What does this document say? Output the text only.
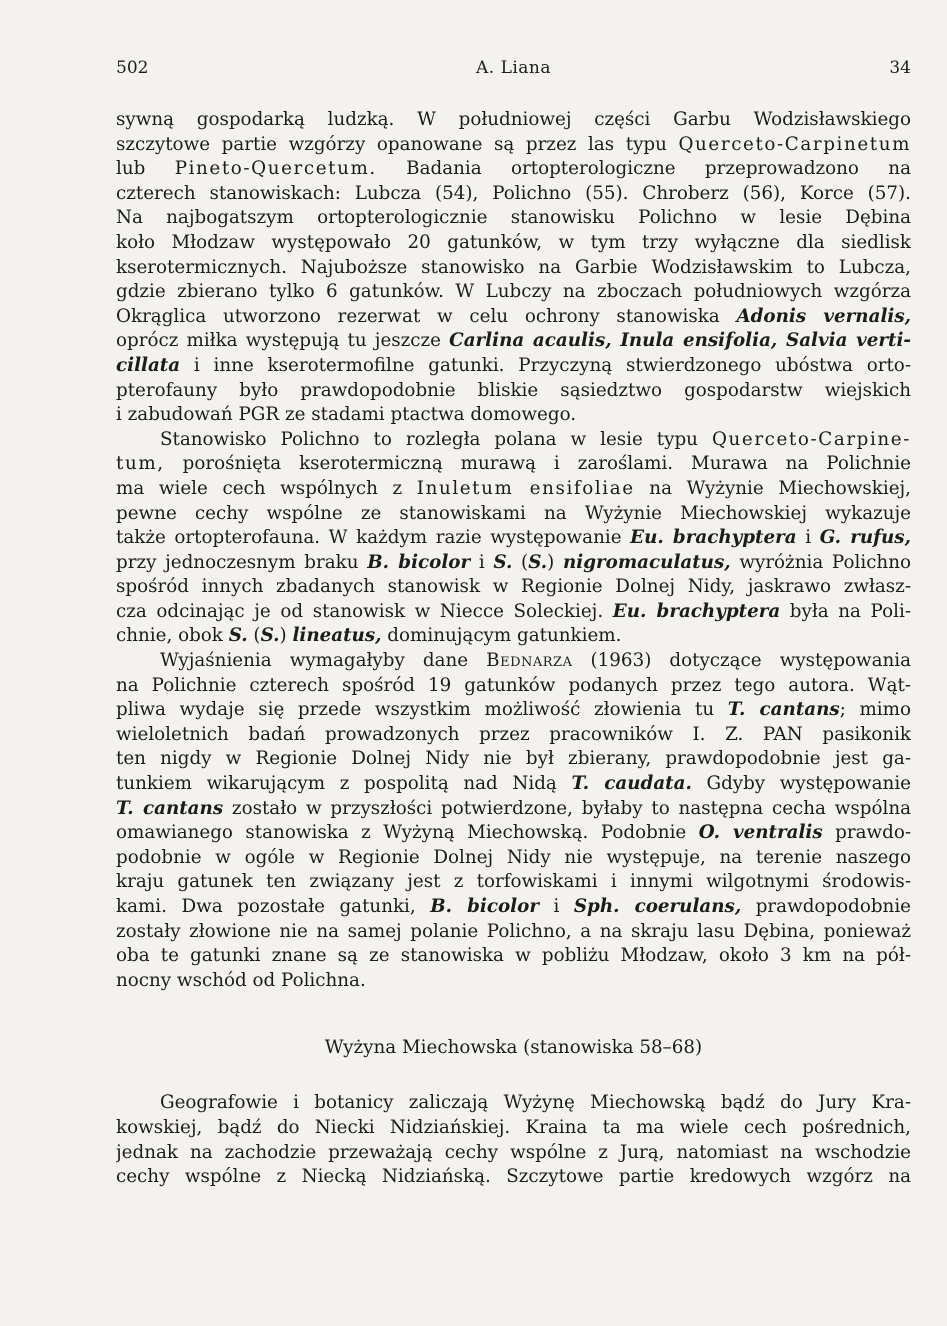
502	A. Liana	34
sywną gospodarką ludzką. W południowej części Garbu Wodzisławskiego
szczytowe partie wzgórzy opanowane są przez las typu Querceto-Carpinetum
lub Pineto-Quercetum. Badania ortopterologiczne przeprowadzono na
czterech stanowiskach: Lubcza (54), Polichno (55). Chroberz (56), Korce (57).
Na najbogatszym ortopterologicznie stanowisku Polichno w lesie Dębina
koło Młodzaw występowało 20 gatunków, w tym trzy wyłączne dla siedlisk
kserotermicznych. Najuboższe stanowisko na Garbie Wodzisławskim to Lubcza,
gdzie zbierano tylko 6 gatunków. W Lubczy na zboczach południowych wzgórza
Okrąglica utworzono rezerwat w celu ochrony stanowiska Adonis vernalis,
oprócz miłka występują tu jeszcze Carlina acaulis, Inula ensifolia, Salvia verti-
cillata i inne kserotermofilne gatunki. Przyczyną stwierdzonego ubóstwa orto-
pterofauny było prawdopodobnie bliskie sąsiedztwo gospodarstw wiejskich
i zabudowań PGR ze stadami ptactwa domowego.
Stanowisko Polichno to rozległa polana w lesie typu Querceto-Carpine-
tum, porośnięta kserotermiczną murawą i zaroślami. Murawa na Polichnie
ma wiele cech wspólnych z Inuletum ensifoliae na Wyżynie Miechowskiej,
pewne cechy wspólne ze stanowiskami na Wyżynie Miechowskiej wykazuje
także ortopterofauna. W każdym razie występowanie Eu. brachyptera i G. rufus,
przy jednoczesnym braku B. bicolor i S. (S.) nigromaculatus, wyróżnia Polichno
spośród innych zbadanych stanowisk w Regionie Dolnej Nidy, jaskrawo zwłasz-
cza odcinając je od stanowisk w Niecce Soleckiej. Eu. brachyptera była na Poli-
chnie, obok S. (S.) lineatus, dominującym gatunkiem.
Wyjaśnienia wymagałyby dane Bednarza (1963) dotyczące występowania
na Polichnie czterech spośród 19 gatunków podanych przez tego autora. Wąt-
pliwa wydaje się przede wszystkim możliwość złowienia tu T. cantans; mimo
wieloletnich badań prowadzonych przez pracowników I. Z. PAN pasikonik
ten nigdy w Regionie Dolnej Nidy nie był zbierany, prawdopodobnie jest ga-
tunkiem wikarującym z pospolitą nad Nidą T. caudata. Gdyby występowanie
T. cantans zostało w przyszłości potwierdzone, byłaby to następna cecha wspólna
omawianego stanowiska z Wyżyną Miechowską. Podobnie O. ventralis prawdo-
podobnie w ogóle w Regionie Dolnej Nidy nie występuje, na terenie naszego
kraju gatunek ten związany jest z torfowiskami i innymi wilgotnymi środowis-
kami. Dwa pozostałe gatunki, B. bicolor i Sph. coerulans, prawdopodobnie
zostały złowione nie na samej polanie Polichno, a na skraju lasu Dębina, ponieważ
oba te gatunki znane są ze stanowiska w pobliżu Młodzaw, około 3 km na pół-
nocny wschód od Polichna.
Wyżyna Miechowska (stanowiska 58–68)
Geografowie i botanicy zaliczają Wyżynę Miechowską bądź do Jury Kra-
kowskiej, bądź do Niecki Nidziańskiej. Kraina ta ma wiele cech pośrednich,
jednak na zachodzie przeważają cechy wspólne z Jurą, natomiast na wschodzie
cechy wspólne z Niecką Nidziańską. Szczytowe partie kredowych wzgórz na
